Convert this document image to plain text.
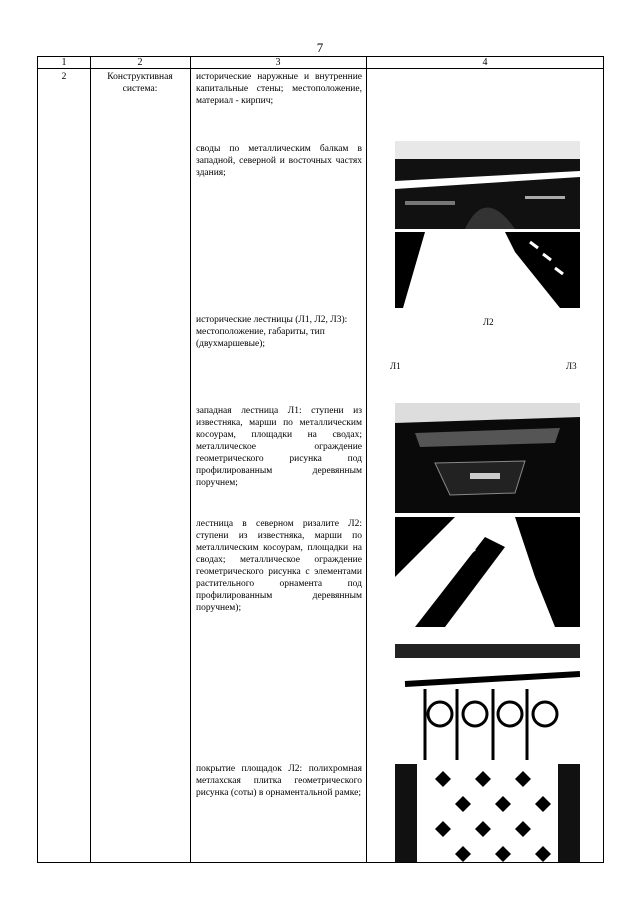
7
1	2	3	4
2	Конструктивная система:
исторические наружные и внутренние капитальные стены; местоположение, материал - кирпич;
своды по металлическим балкам в западной, северной и восточных частях здания;
исторические лестницы (Л1, Л2, Л3): местоположение, габариты, тип (двухмаршевые);
западная лестница Л1: ступени из известняка, марши по металлическим косоурам, площадки на сводах; металлическое ограждение геометрического рисунка под профилированным деревянным поручнем;
лестница в северном ризалите Л2: ступени из известняка, марши по металлическим косоурам, площадки на сводах; металлическое ограждение геометрического рисунка с элементами растительного орнамента под профилированным деревянным поручнем);
покрытие площадок Л2: полихромная метлахская плитка геометрического рисунка (соты) в орнаментальной рамке;
Л2
Л1	Л3
